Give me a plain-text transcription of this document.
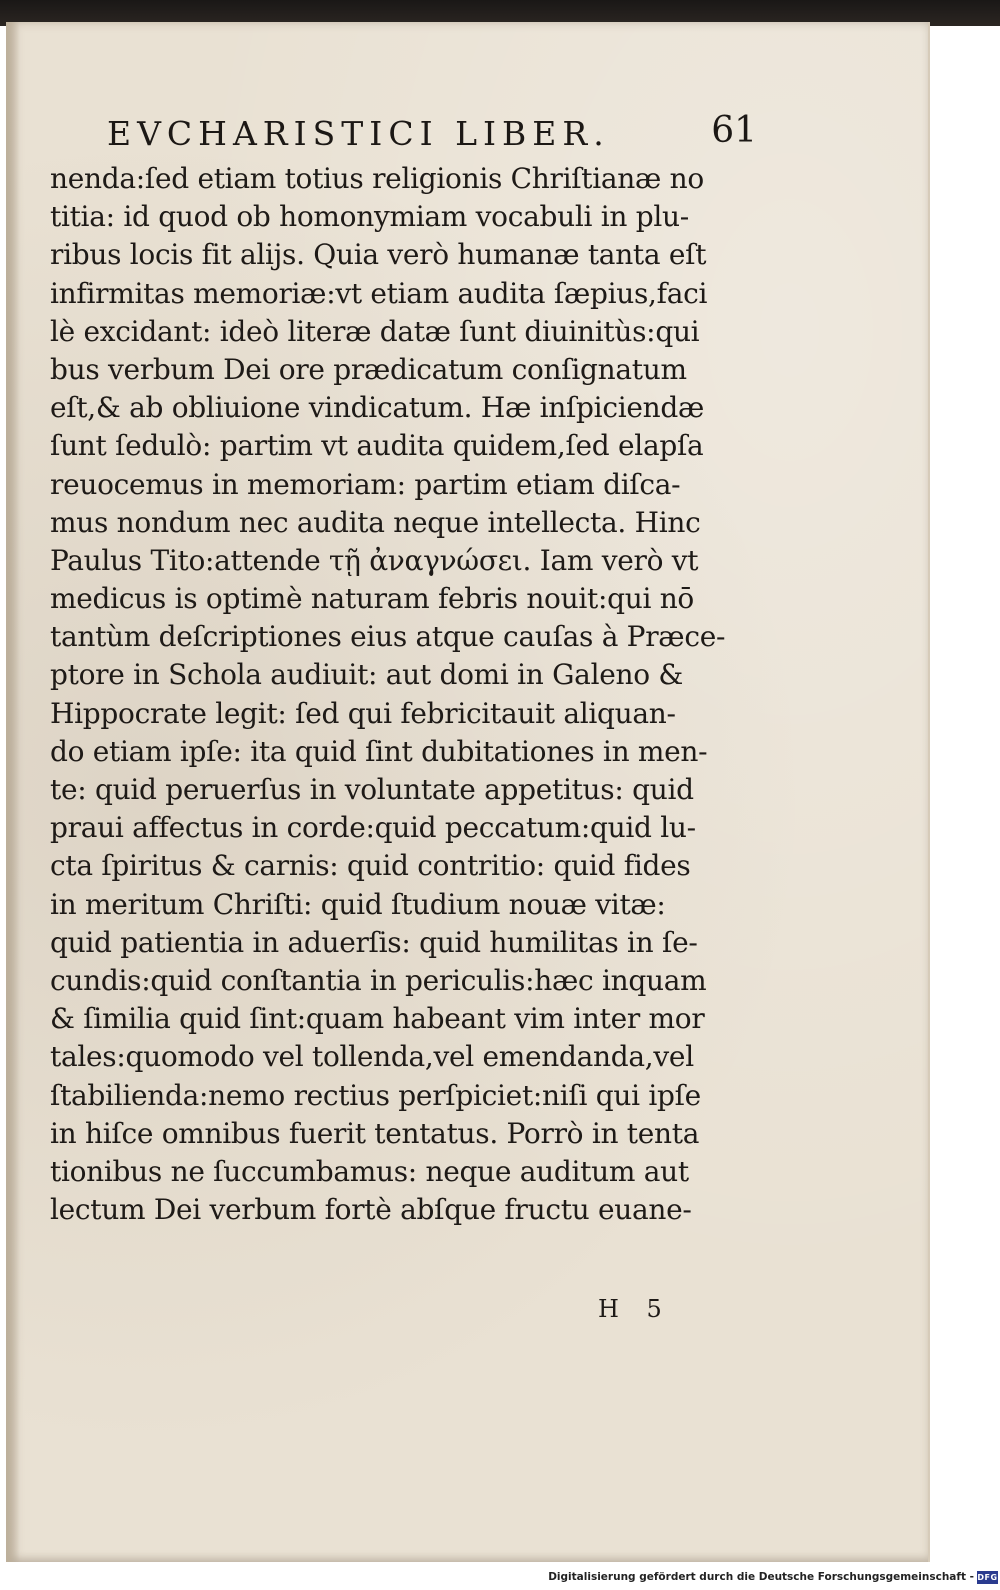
EVCHARISTICI LIBER.	61
nenda:ſed etiam totius religionis Chriſtianæ no
titia: id quod ob homonymiam vocabuli in plu-
ribus locis fit alijs. Quia verò humanæ tanta eſt
infirmitas memoriæ:vt etiam audita ſæpius,faci
lè excidant: ideò literæ datæ ſunt diuinitùs:qui
bus verbum Dei ore prædicatum conſignatum
eſt,& ab obliuione vindicatum. Hæ inſpiciendæ
ſunt ſedulò: partim vt audita quidem,ſed elapſa
reuocemus in memoriam: partim etiam diſca-
mus nondum nec audita neque intellecta. Hinc
Paulus Tito:attende τῇ ἀναγνώσει. Iam verò vt
medicus is optimè naturam febris nouit:qui nō
tantùm deſcriptiones eius atque cauſas à Præce-
ptore in Schola audiuit: aut domi in Galeno &
Hippocrate legit: ſed qui febricitauit aliquan-
do etiam ipſe: ita quid ſint dubitationes in men-
te: quid peruerſus in voluntate appetitus: quid
praui affectus in corde:quid peccatum:quid lu-
cta ſpiritus & carnis: quid contritio: quid fides
in meritum Chriſti: quid ſtudium nouæ vitæ:
quid patientia in aduerſis: quid humilitas in ſe-
cundis:quid conſtantia in periculis:hæc inquam
& ſimilia quid ſint:quam habeant vim inter mor
tales:quomodo vel tollenda,vel emendanda,vel
ſtabilienda:nemo rectius perſpiciet:niſi qui ipſe
in hiſce omnibus fuerit tentatus. Porrò in tenta
tionibus ne ſuccumbamus: neque auditum aut
lectum Dei verbum fortè abſque fructu euane-
H 5
Digitalisierung gefördert durch die Deutsche Forschungsgemeinschaft - DFG
